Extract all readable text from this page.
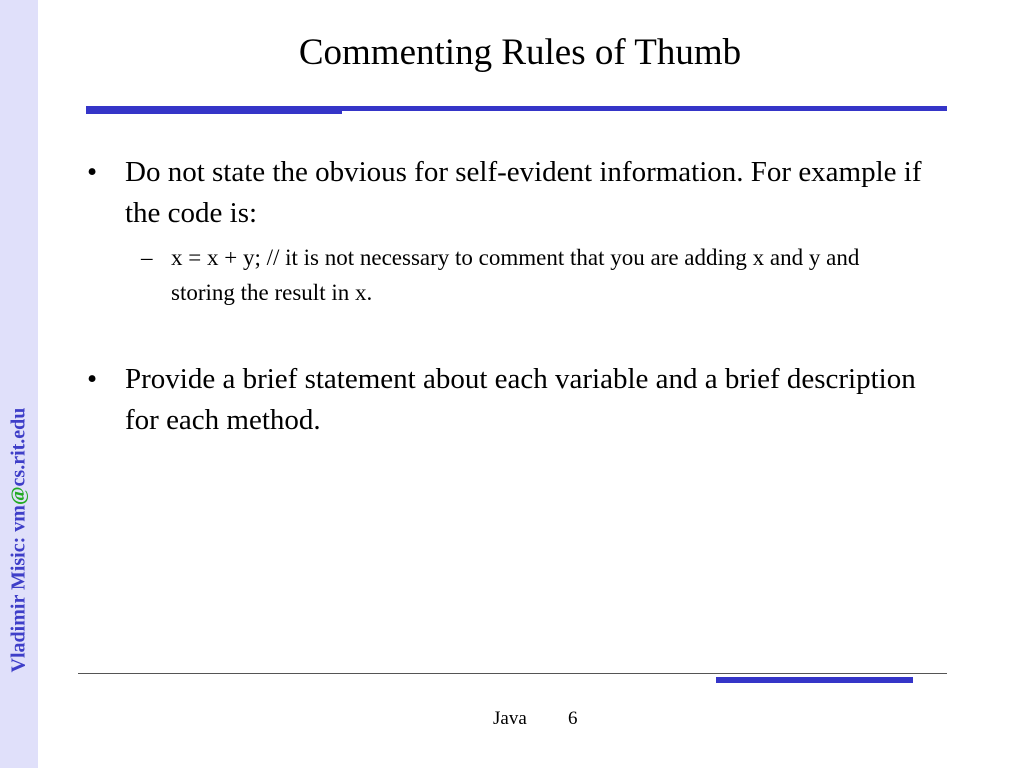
Vladimir Misic: vm@cs.rit.edu
Commenting Rules of Thumb
• Do not state the obvious for self-evident information. For example if the code is:
– x = x + y; // it is not necessary to comment that you are adding x and y and storing the result in x.
• Provide a brief statement about each variable and a brief description for each method.
Java 6
